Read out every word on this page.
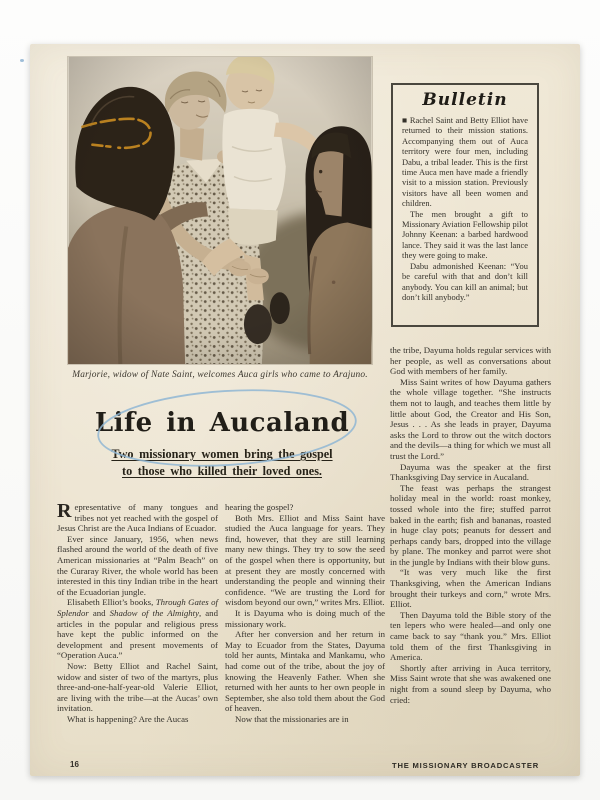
Marjorie, widow of Nate Saint, welcomes Auca girls who came to Arajuno.
Bulletin

■ Rachel Saint and Betty Elliot have returned to their mission stations. Accompanying them out of Auca territory were four men, including Dabu, a tribal leader. This is the first time Auca men have made a friendly visit to a mission station. Previously visitors have all been women and children.

The men brought a gift to Missionary Aviation Fellowship pilot Johnny Keenan: a barbed hardwood lance. They said it was the last lance they were going to make.

Dabu admonished Keenan: “You be careful with that and don’t kill anybody. You can kill an animal; but don’t kill anybody.”

Life in Aucaland
Two missionary women bring the gospel
to those who killed their loved ones.

Representative of many tongues and tribes not yet reached with the gospel of Jesus Christ are the Auca Indians of Ecuador.

Ever since January, 1956, when news flashed around the world of the death of five American missionaries at “Palm Beach” on the Curaray River, the whole world has been interested in this tiny Indian tribe in the heart of the Ecuadorian jungle.

Elisabeth Elliot’s books, Through Gates of Splendor and Shadow of the Almighty, and articles in the popular and religious press have kept the public informed on the development and present movements of “Operation Auca.”

Now: Betty Elliot and Rachel Saint, widow and sister of two of the martyrs, plus three-and-one-half-year-old Valerie Elliot, are living with the tribe—at the Aucas’ own invitation.

What is happening? Are the Aucas

hearing the gospel?

Both Mrs. Elliot and Miss Saint have studied the Auca language for years. They find, however, that they are still learning many new things. They try to sow the seed of the gospel when there is opportunity, but at present they are mostly concerned with understanding the people and winning their confidence. “We are trusting the Lord for wisdom beyond our own,” writes Mrs. Elliot.

It is Dayuma who is doing much of the missionary work.

After her conversion and her return in May to Ecuador from the States, Dayuma told her aunts, Mintaka and Mankamu, who had come out of the tribe, about the joy of knowing the Heavenly Father. When she returned with her aunts to her own people in September, she also told them about the God of heaven.

Now that the missionaries are in

the tribe, Dayuma holds regular services with her people, as well as conversations about God with members of her family.

Miss Saint writes of how Dayuma gathers the whole village together. “She instructs them not to laugh, and teaches them little by little about God, the Creator and His Son, Jesus . . . As she leads in prayer, Dayuma asks the Lord to throw out the witch doctors and the devils—a thing for which we must all trust the Lord.”

Dayuma was the speaker at the first Thanksgiving Day service in Aucaland.

The feast was perhaps the strangest holiday meal in the world: roast monkey, tossed whole into the fire; stuffed parrot baked in the earth; fish and bananas, roasted in huge clay pots; peanuts for dessert and perhaps candy bars, dropped into the village by plane. The monkey and parrot were shot in the jungle by Indians with their blow guns.

“It was very much like the first Thanksgiving, when the American Indians brought their turkeys and corn,” wrote Mrs. Elliot.

Then Dayuma told the Bible story of the ten lepers who were healed—and only one came back to say “thank you.” Mrs. Elliot told them of the first Thanksgiving in America.

Shortly after arriving in Auca territory, Miss Saint wrote that she was awakened one night from a sound sleep by Dayuma, who cried:

16	THE MISSIONARY BROADCASTER
